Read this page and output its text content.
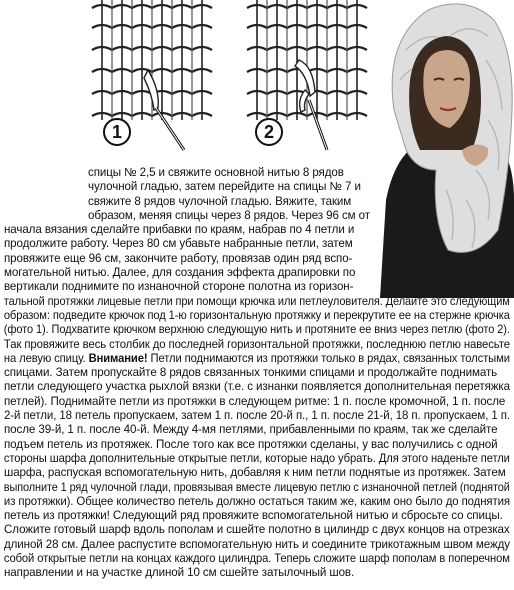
1	2
спицы № 2,5 и свяжите основной нитью 8 рядов
чулочной гладью, затем перейдите на спицы № 7 и
свяжите 8 рядов чулочной гладью. Вяжите, таким
образом, меняя спицы через 8 рядов. Через 96 см от
начала вязания сделайте прибавки по краям, набрав по 4 петли и
продолжите работу. Через 80 см убавьте набранные петли, затем
провяжите еще 96 см, закончите работу, провязав один ряд вспо-
могательной нитью. Далее, для создания эффекта драпировки по
вертикали поднимите по изнаночной стороне полотна из горизон-
тальной протяжки лицевые петли при помощи крючка или петлеуловителя. Делайте это следующим
образом: подведите крючок под 1-ю горизонтальную протяжку и перекрутите ее на стержне крючка
(фото 1). Подхватите крючком верхнюю следующую нить и протяните ее вниз через петлю (фото 2).
Так провяжите весь столбик до последней горизонтальной протяжки, последнюю петлю навесьте
на левую спицу. Внимание! Петли поднимаются из протяжки только в рядах, связанных толстыми
спицами. Затем пропускайте 8 рядов связанных тонкими спицами и продолжайте поднимать
петли следующего участка рыхлой вязки (т.е. с изнанки появляется дополнительная перетяжка
петлей). Поднимайте петли из протяжки в следующем ритме: 1 п. после кромочной, 1 п. после
2-й петли, 18 петель пропускаем, затем 1 п. после 20-й п., 1 п. после 21-й, 18 п. пропускаем, 1 п.
после 39-й, 1 п. после 40-й. Между 4-мя петлями, прибавленными по краям, так же сделайте
подъем петель из протяжек. После того как все протяжки сделаны, у вас получились с одной
стороны шарфа дополнительные открытые петли, которые надо убрать. Для этого наденьте петли
шарфа, распуская вспомогательную нить, добавляя к ним петли поднятые из протяжек. Затем
выполните 1 ряд чулочной глади, провязывая вместе лицевую петлю с изнаночной петлей (поднятой
из протяжки). Общее количество петель должно остаться таким же, каким оно было до поднятия
петель из протяжки! Следующий ряд провяжите вспомогательной нитью и сбросьте со спицы.
Сложите готовый шарф вдоль пополам и сшейте полотно в цилиндр с двух концов на отрезках
длиной 28 см. Далее распустите вспомогательную нить и соедините трикотажным швом между
собой открытые петли на концах каждого цилиндра. Теперь сложите шарф пополам в поперечном
направлении и на участке длиной 10 см сшейте затылочный шов.
